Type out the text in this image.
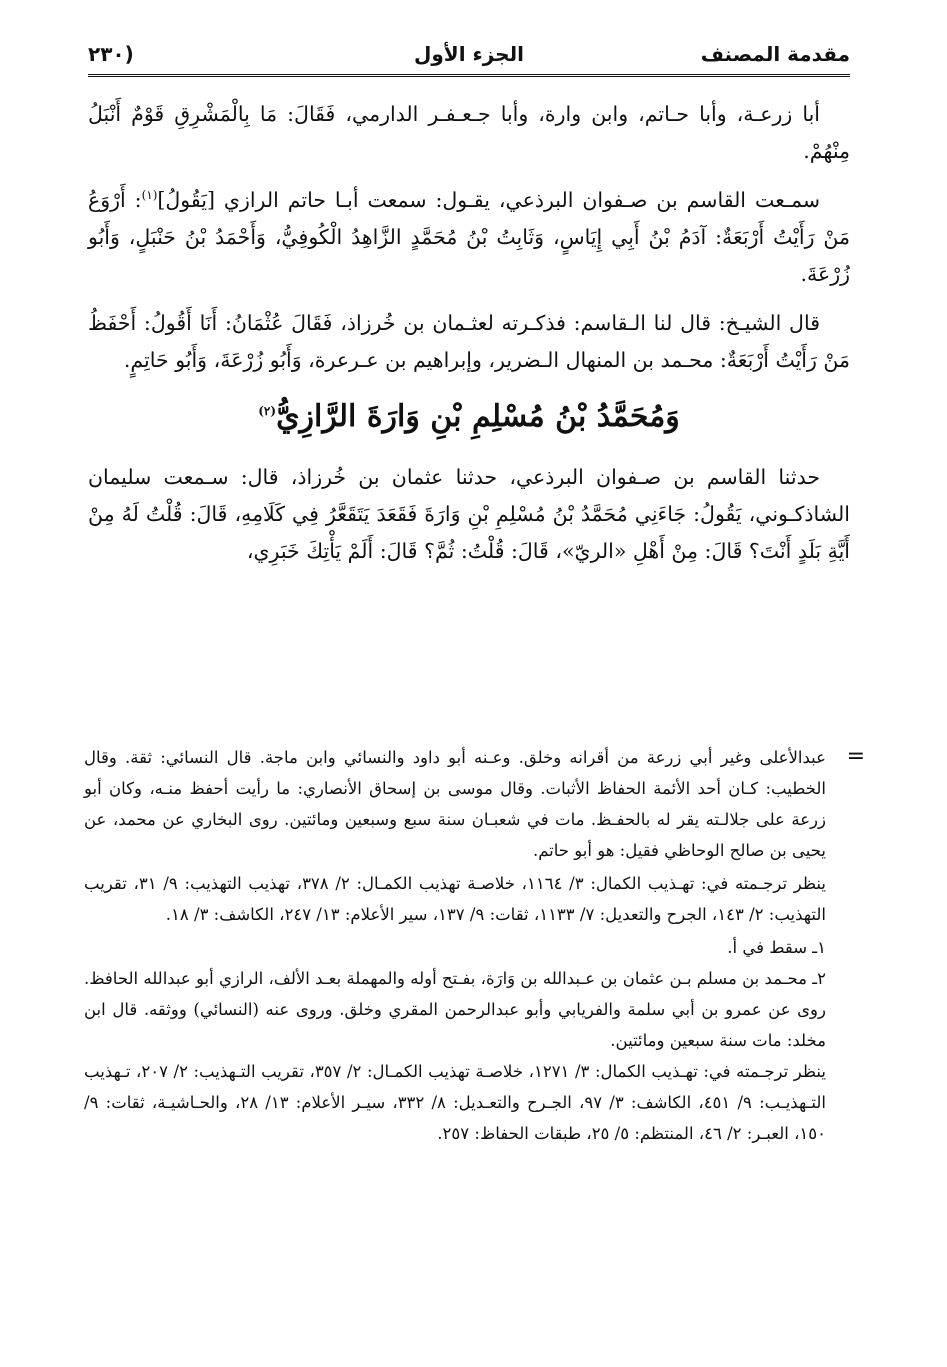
مقدمة المصنف
الجزء الأول
(٢٣٠

أبا زرعـة، وأبا حـاتم، وابن وارة، وأبا جـعـفـر الدارمي، فَقَالَ: مَا بِالْمَشْرِقِ قَوْمٌ أَنْبَلُ مِنْهُمْ.

سمـعت القاسم بن صـفوان البرذعي، يقـول: سمعت أبـا حاتم الرازي [يَقُولُ]$^{(١)}$: أَرْوَعُ مَنْ رَأَيْتُ أَرْبَعَةٌ: آدَمُ بْنُ أَبِي إِيَاسٍ، وَثَابِتُ بْنُ مُحَمَّدٍ الزَّاهِدُ الْكُوفِيُّ، وَأَحْمَدُ بْنُ حَنْبَلٍ، وَأَبُو زُرْعَةَ.

قال الشيـخ: قال لنا الـقاسم: فذكـرته لعثـمان بن خُرزاذ، فَقَالَ عُثْمَانُ: أَنَا أَقُولُ: أَحْفَظُ مَنْ رَأَيْتُ أَرْبَعَةٌ: محـمد بن المنهال الـضرير، وإبراهيم بن عـرعرة، وَأَبُو زُرْعَةَ، وَأَبُو حَاتِمٍ.

وَمُحَمَّدُ بْنُ مُسْلِمِ بْنِ وَارَةَ الرَّازِيُّ$^{(٢)}$

حدثنا القاسم بن صـفوان البرذعي، حدثنا عثمان بن خُرزاذ، قال: سـمعت سليمان الشاذكـوني، يَقُولُ: جَاءَنِي مُحَمَّدُ بْنُ مُسْلِمِ بْنِ وَارَةَ فَقَعَدَ يَتَقَعَّرُ فِي كَلَامِهِ، قَالَ: قُلْتُ لَهُ مِنْ أَيَّةِ بَلَدٍ أَنْتَ؟ قَالَ: مِنْ أَهْلِ «الريّ»، قَالَ: قُلْتُ: ثُمَّ؟ قَالَ: أَلَمْ يَأْتِكَ خَبَرِي،

=

عبدالأعلى وغير أبي زرعة من أقرانه وخلق. وعـنه أبو داود والنسائي وابن ماجة. قال النسائي: ثقة. وقال الخطيب: كـان أحد الأئمة الحفاظ الأثبات. وقال موسى بن إسحاق الأنصاري: ما رأيت أحفظ منـه، وكان أبو زرعة على جلالـته يقر له بالحفـظ. مات في شعبـان سنة سبع وسبعين ومائتين. روى البخاري عن محمد، عن يحيى بن صالح الوحاظي فقيل: هو أبو حاتم.

ينظر ترجـمته في: تهـذيب الكمال: ٣/ ١١٦٤، خلاصـة تهذيب الكمـال: ٢/ ٣٧٨، تهذيب التهذيب: ٩/ ٣١، تقريب التهذيب: ٢/ ١٤٣، الجرح والتعديل: ٧/ ١١٣٣، ثقات: ٩/ ١٣٧، سير الأعلام: ١٣/ ٢٤٧، الكاشف: ٣/ ١٨.

١ـ سقط في أ.

٢ـ محـمد بن مسلم بـن عثمان بن عـبدالله بن وَارَة، بفـتح أوله والمهملة بعـد الألف، الرازي أبو عبدالله الحافظ. روى عن عمرو بن أبي سلمة والفريابي وأبو عبدالرحمن المقري وخلق. وروى عنه (النسائي) ووثقه. قال ابن مخلد: مات سنة سبعين ومائتين.

ينظر ترجـمته في: تهـذيب الكمال: ٣/ ١٢٧١، خلاصـة تهذيب الكمـال: ٢/ ٣٥٧، تقريب التـهذيب: ٢/ ٢٠٧، تـهذيب التـهذيـب: ٩/ ٤٥١، الكاشف: ٣/ ٩٧، الجـرح والتعـديل: ٨/ ٣٣٢، سيـر الأعلام: ١٣/ ٢٨، والحـاشيـة، ثقات: ٩/ ١٥٠، العبـر: ٢/ ٤٦، المنتظم: ٥/ ٢٥، طبقات الحفاظ: ٢٥٧.
